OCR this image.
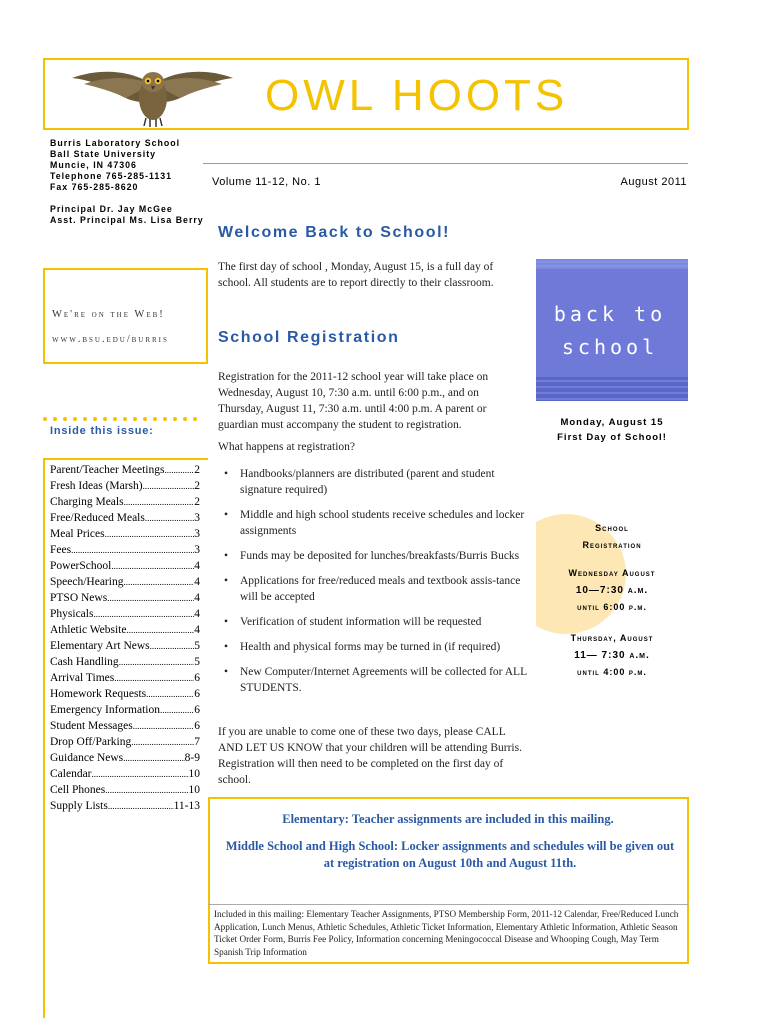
OWL HOOTS
Burris Laboratory School
Ball State University
Muncie, IN 47306
Telephone 765-285-1131
Fax 765-285-8620
Principal Dr. Jay McGee
Asst. Principal Ms. Lisa Berry
Volume 11-12, No. 1	August 2011
We're on the Web!
www.bsu.edu/burris
Inside this issue:
Parent/Teacher Meetings .....	2
Fresh Ideas (Marsh) .....	2
Charging Meals .....	2
Free/Reduced Meals .....	3
Meal Prices .....	3
Fees .....	3
PowerSchool .....	4
Speech/Hearing .....	4
PTSO News .....	4
Physicals .....	4
Athletic Website .....	4
Elementary Art News .....	5
Cash Handling .....	5
Arrival Times .....	6
Homework Requests .....	6
Emergency Information .....	6
Student Messages .....	6
Drop Off/Parking .....	7
Guidance News .....	8-9
Calendar .....	10
Cell Phones .....	10
Supply Lists .....	11-13
Welcome Back to School!
The first day of school , Monday, August 15, is a full day of school. All students are to report directly to their classroom.
back to
school
Monday, August 15
First Day of School!
School Registration
Registration for the 2011-12 school year will take place on Wednesday, August 10, 7:30 a.m. until 6:00 p.m., and on Thursday, August 11, 7:30 a.m. until 4:00 p.m. A parent or guardian must accompany the student to registration.
What happens at registration?
• Handbooks/planners are distributed (parent and student signature required)
• Middle and high school students receive schedules and locker assignments
• Funds may be deposited for lunches/breakfasts/Burris Bucks
• Applications for free/reduced meals and textbook assis-tance will be accepted
• Verification of student information will be requested
• Health and physical forms may be turned in (if required)
• New Computer/Internet Agreements will be collected for ALL STUDENTS.
If you are unable to come one of these two days, please CALL AND LET US KNOW that your children will be attending Burris. Registration will then need to be completed on the first day of school.
School
Registration
Wednesday August
10—7:30 a.m.
until 6:00 p.m.
Thursday, August
11— 7:30 a.m.
until 4:00 p.m.
Elementary: Teacher assignments are included in this mailing.
Middle School and High School: Locker assignments and schedules will be given out at registration on August 10th and August 11th.
Included in this mailing: Elementary Teacher Assignments, PTSO Membership Form, 2011-12 Calendar, Free/Reduced Lunch Application, Lunch Menus, Athletic Schedules, Athletic Ticket Information, Elementary Athletic Information, Athletic Season Ticket Order Form, Burris Fee Policy, Information concerning Meningococcal Disease and Whooping Cough, May Term Spanish Trip Information
